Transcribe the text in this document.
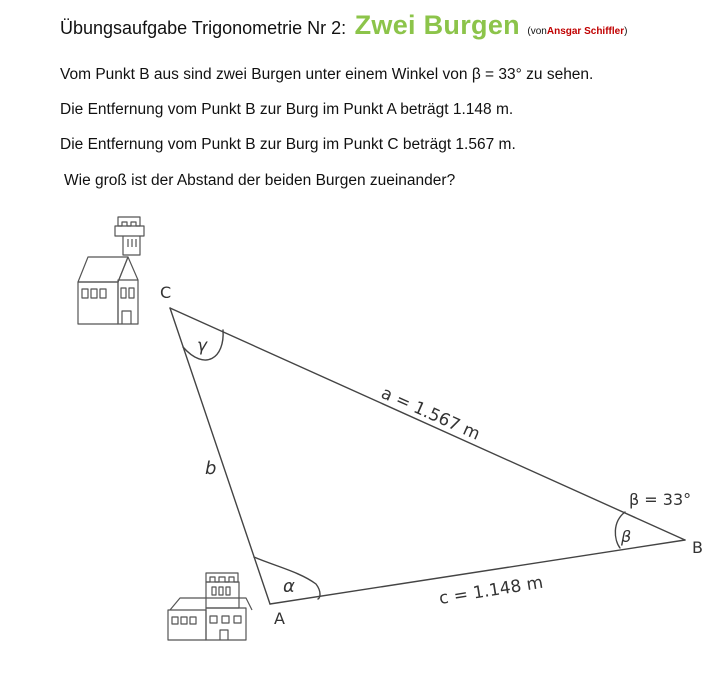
Übungsaufgabe Trigonometrie Nr 2: Zwei Burgen (vonAnsgar Schiffler)
Vom Punkt B aus sind zwei Burgen unter einem Winkel von β = 33° zu sehen.
Die Entfernung vom Punkt B zur Burg im Punkt A beträgt 1.148 m.
Die Entfernung vom Punkt B zur Burg im Punkt C beträgt 1.567 m.
Wie groß ist der Abstand der beiden Burgen zueinander?
C
A
B
a = 1.567 m
c = 1.148 m
b
γ
α
β
β = 33°
